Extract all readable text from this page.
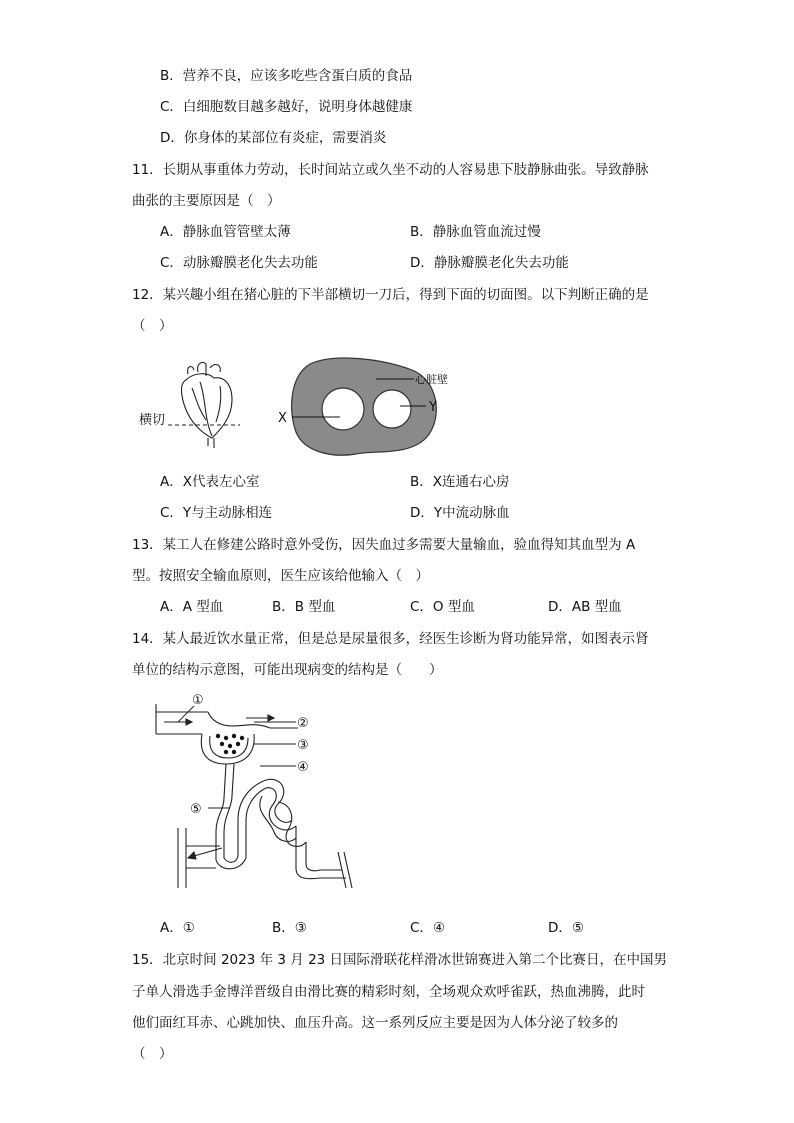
B．营养不良，应该多吃些含蛋白质的食品
C．白细胞数目越多越好，说明身体越健康
D．你身体的某部位有炎症，需要消炎
11．长期从事重体力劳动，长时间站立或久坐不动的人容易患下肢静脉曲张。导致静脉
曲张的主要原因是（　）
A．静脉血管管壁太薄	B．静脉血管血流过慢
C．动脉瓣膜老化失去功能	D．静脉瓣膜老化失去功能
12．某兴趣小组在猪心脏的下半部横切一刀后，得到下面的切面图。以下判断正确的是
（　）
横切	X
Y
心脏壁
A．X代表左心室	B．X连通右心房
C．Y与主动脉相连	D．Y中流动脉血
13．某工人在修建公路时意外受伤，因失血过多需要大量输血，验血得知其血型为 A
型。按照安全输血原则，医生应该给他输入（　）
A．A 型血	B．B 型血	C．O 型血	D．AB 型血
14．某人最近饮水量正常，但是总是尿量很多，经医生诊断为肾功能异常，如图表示肾
单位的结构示意图，可能出现病变的结构是（　　）
①
②
③
④
⑤
A．①	B．③	C．④	D．⑤
15．北京时间 2023 年 3 月 23 日国际滑联花样滑冰世锦赛进入第二个比赛日，在中国男
子单人滑选手金博洋晋级自由滑比赛的精彩时刻，全场观众欢呼雀跃，热血沸腾，此时
他们面红耳赤、心跳加快、血压升高。这一系列反应主要是因为人体分泌了较多的
（　）
